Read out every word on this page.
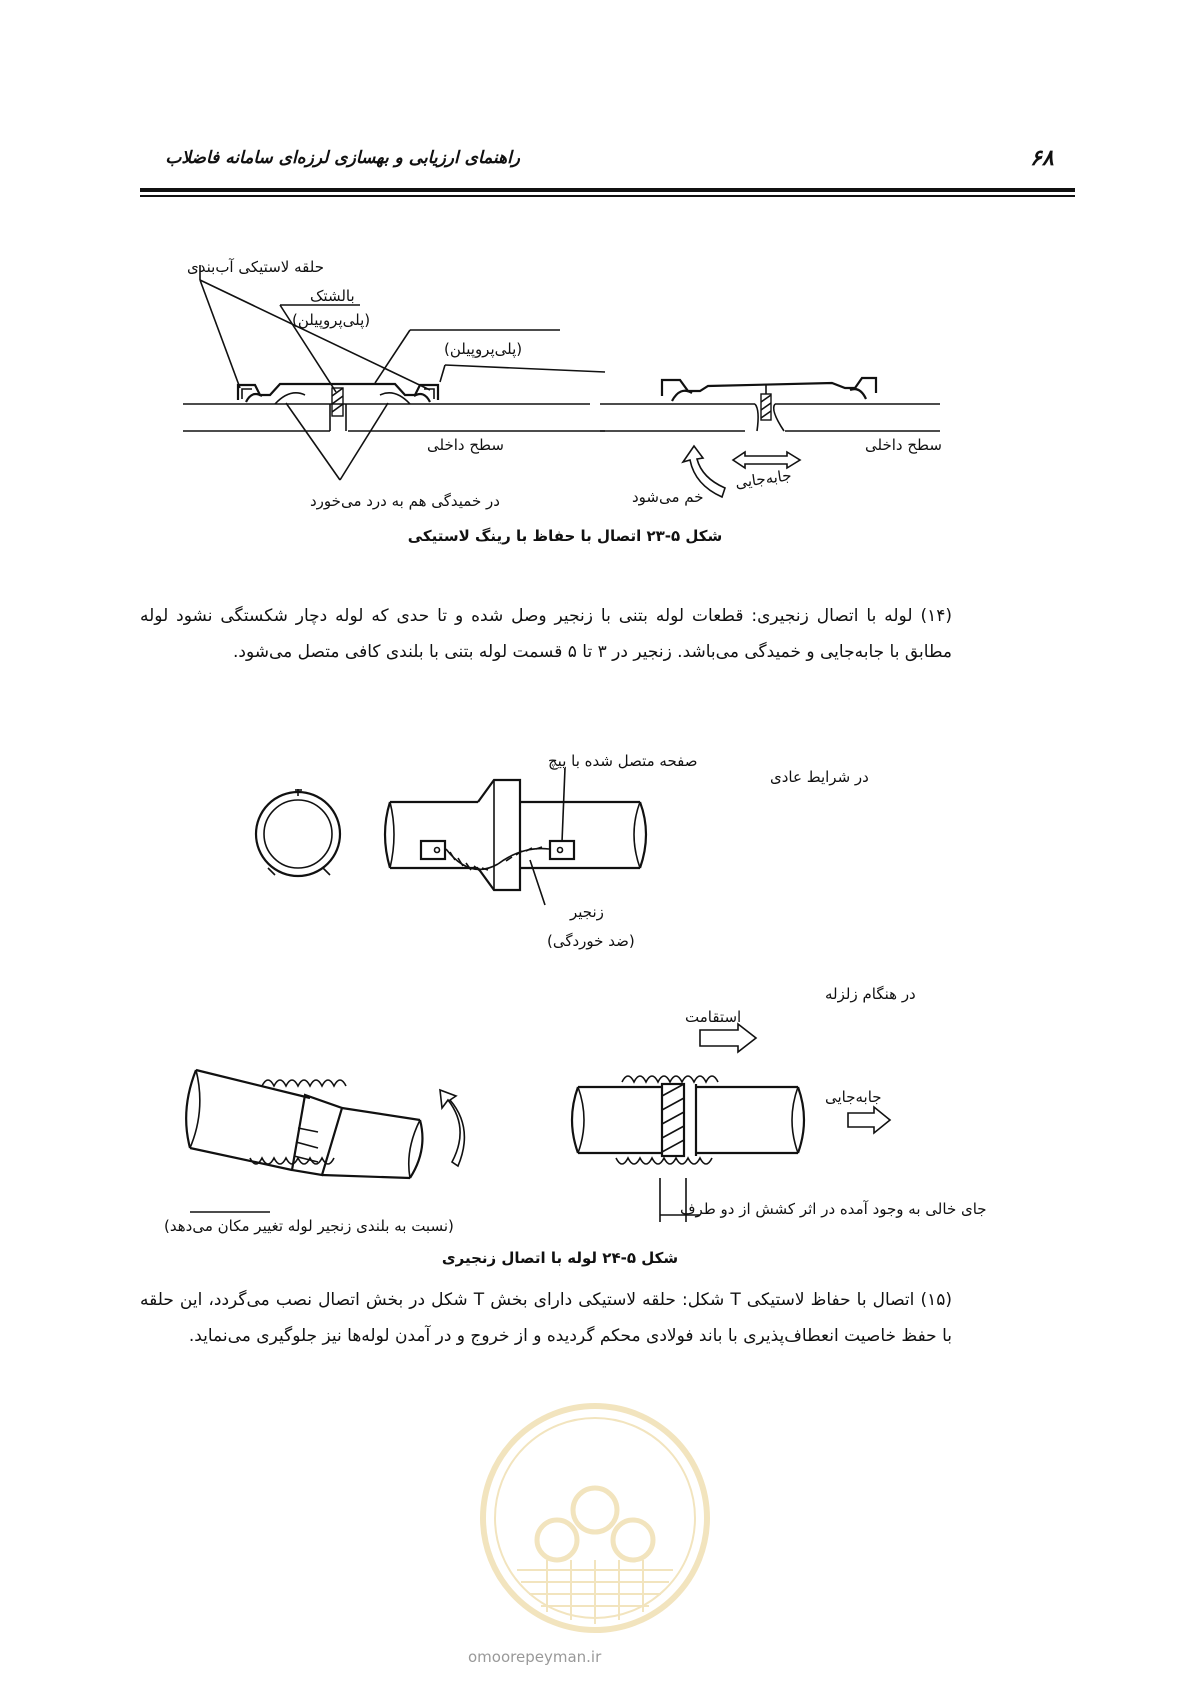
راهنمای ارزیابی و بهسازی لرزه‌ای سامانه فاضلاب	۶۸
حلقه لاستیکی آب‌بندی
بالشتک
(پلی‌پروپیلن)
(پلی‌پروپیلن)
سطح داخلی	سطح داخلی
در خمیدگی هم به درد می‌خورد	خم می‌شود
جابه‌جایی
شکل ۵-۲۳ اتصال با حفاظ با رینگ لاستیکی
(۱۴) لوله با اتصال زنجیری: قطعات لوله بتنی با زنجیر وصل شده و تا حدی که لوله دچار شکستگی نشود لوله مطابق با جابه‌جایی و خمیدگی می‌باشد. زنجیر در ۳ تا ۵ قسمت لوله بتنی با بلندی کافی متصل می‌شود.
در شرایط عادی
صفحه متصل شده با پیچ
زنجیر
(ضد خوردگی)
در هنگام زلزله
استقامت
جابه‌جایی
(نسبت به بلندی زنجیر لوله تغییر مکان می‌دهد)
جای خالی به وجود آمده در اثر کشش از دو طرف
شکل ۵-۲۴ لوله با اتصال زنجیری
(۱۵) اتصال با حفاظ لاستیکی T شکل: حلقه لاستیکی دارای بخش T شکل در بخش اتصال نصب می‌گردد، این حلقه با حفظ خاصیت انعطاف‌پذیری با باند فولادی محکم گردیده و از خروج و در آمدن لوله‌ها نیز جلوگیری می‌نماید.
omoorepeyman.ir
